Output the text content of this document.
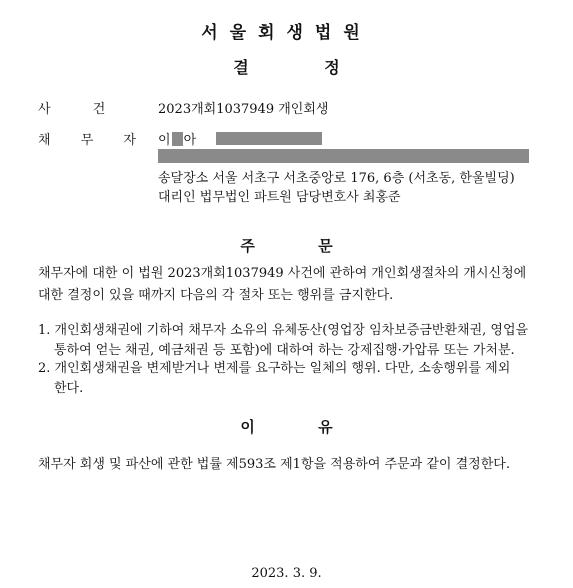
서울회생법원
결 정
사 건	2023개회1037949 개인회생
채 무 자 이 아
송달장소 서울 서초구 서초중앙로 176, 6층 (서초동, 한울빌딩)
대리인 법무법인 파트원 담당변호사 최홍준
주 문
채무자에 대한 이 법원 2023개회1037949 사건에 관하여 개인회생절차의 개시신청에
대한 결정이 있을 때까지 다음의 각 절차 또는 행위를 금지한다.
1. 개인회생채권에 기하여 채무자 소유의 유체동산(영업장 임차보증금반환채권, 영업을
통하여 얻는 채권, 예금채권 등 포함)에 대하여 하는 강제집행·가압류 또는 가처분.
2. 개인회생채권을 변제받거나 변제를 요구하는 일체의 행위. 다만, 소송행위를 제외
한다.
이 유
채무자 회생 및 파산에 관한 법률 제593조 제1항을 적용하여 주문과 같이 결정한다.
2023. 3. 9.
